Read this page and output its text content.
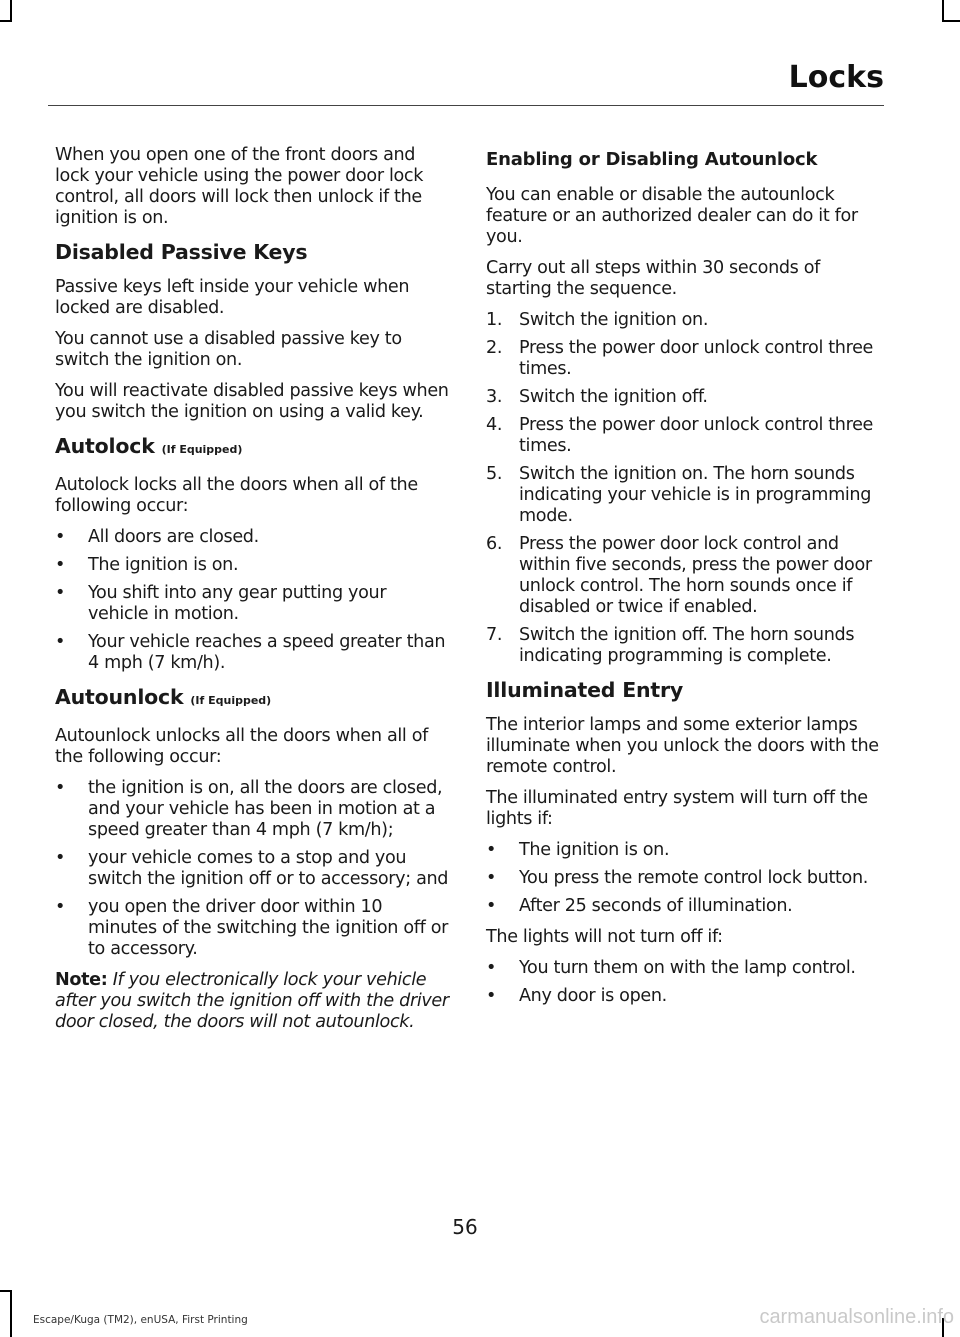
Locks

When you open one of the front doors and lock your vehicle using the power door lock control, all doors will lock then unlock if the ignition is on.

Disabled Passive Keys

Passive keys left inside your vehicle when locked are disabled.

You cannot use a disabled passive key to switch the ignition on.

You will reactivate disabled passive keys when you switch the ignition on using a valid key.

Autolock (If Equipped)

Autolock locks all the doors when all of the following occur:

• All doors are closed.
• The ignition is on.
• You shift into any gear putting your vehicle in motion.
• Your vehicle reaches a speed greater than 4 mph (7 km/h).
Autounlock (If Equipped)

Autounlock unlocks all the doors when all of the following occur:

• the ignition is on, all the doors are closed, and your vehicle has been in motion at a speed greater than 4 mph (7 km/h);
• your vehicle comes to a stop and you switch the ignition off or to accessory; and
• you open the driver door within 10 minutes of the switching the ignition off or to accessory.

Note: If you electronically lock your vehicle after you switch the ignition off with the driver door closed, the doors will not autounlock.

Enabling or Disabling Autounlock

You can enable or disable the autounlock feature or an authorized dealer can do it for you.

Carry out all steps within 30 seconds of starting the sequence.

1. Switch the ignition on.
2. Press the power door unlock control three times.
3. Switch the ignition off.
4. Press the power door unlock control three times.
5. Switch the ignition on. The horn sounds indicating your vehicle is in programming mode.
6. Press the power door lock control and within five seconds, press the power door unlock control. The horn sounds once if disabled or twice if enabled.
7. Switch the ignition off. The horn sounds indicating programming is complete.
Illuminated Entry

The interior lamps and some exterior lamps illuminate when you unlock the doors with the remote control.

The illuminated entry system will turn off the lights if:

• The ignition is on.
• You press the remote control lock button.
• After 25 seconds of illumination.

The lights will not turn off if:

• You turn them on with the lamp control.
• Any door is open.
56
Escape/Kuga (TM2), enUSA, First Printing	carmanualsonline.info
